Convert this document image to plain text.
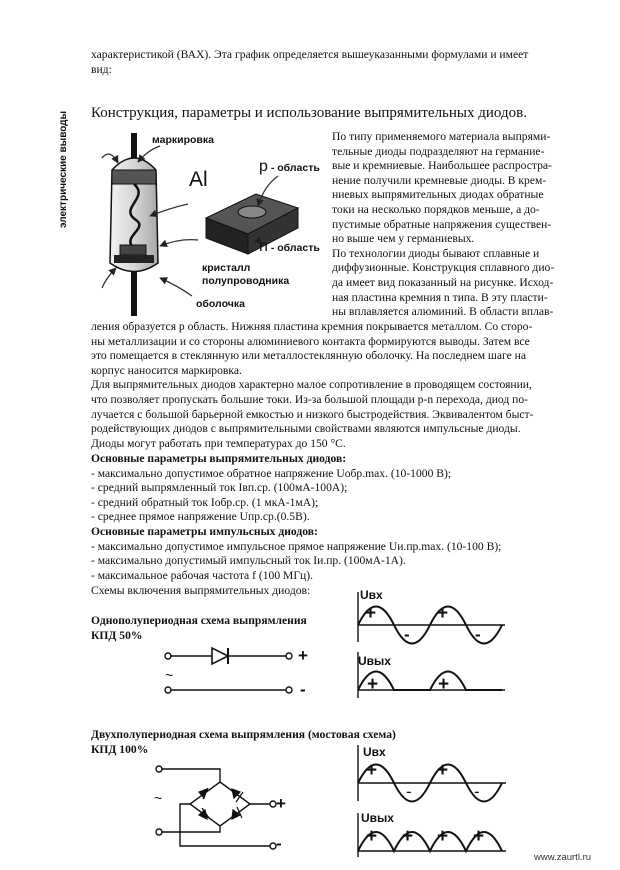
характеристикой (ВАХ). Эта график определяется вышеуказанными формулами и имеет
вид:
Конструкция, параметры и использование выпрямительных диодов.
маркировка
Al
электрические выводы
кристалл
полупроводника
оболочка
р - область
n - область
По типу применяемого материала выпрями-
тельные диоды подразделяют на германие-
вые и кремниевые. Наибольшее распростра-
нение получили кремневые диоды. В крем-
ниевых выпрямительных диодах обратные
токи на несколько порядков меньше, а до-
пустимые обратные напряжения существен-
но выше чем у германиевых.
По технологии диоды бывают сплавные и
диффузионные. Конструкция сплавного дио-
да имеет вид показанный на рисунке. Исход-
ная пластина кремния n типа. В эту пласти-
ны вплавляется алюминий. В области вплав-
ления образуется p область. Нижняя пластина кремния покрывается металлом. Со сторо-
ны металлизации и со стороны алюминиевого контакта формируются выводы. Затем все
это помещается в стеклянную или металлостеклянную оболочку. На последнем шаге на
корпус наносится маркировка.
Для выпрямительных диодов характерно малое сопротивление в проводящем состоянии,
что позволяет пропускать большие токи. Из-за большой площади p-n перехода, диод по-
лучается с большой барьерной емкостью и низкого быстродействия. Эквивалентом быст-
родействующих диодов с выпрямительными свойствами являются импульсные диоды.
Диоды могут работать при температурах до 150 °С.
Основные параметры выпрямительных диодов:
- максимально допустимое обратное напряжение Uобр.max. (10-1000 В);
- средний выпрямленный ток Iвп.ср. (100мА-100А);
- средний обратный ток Iобр.ср. (1 мкА-1мА);
- среднее прямое напряжение Uпр.ср.(0.5В).
Основные параметры импульсных диодов:
- максимально допустимое импульсное прямое напряжение Uи.пр.max. (10-100 В);
- максимально допустимый импульсный ток Iи.пр. (100мА-1А).
- максимальное рабочая частота f (100 МГц).
Схемы включения выпрямительных диодов:
Однополупериодная схема выпрямления
КПД 50%
~
+
-
Uвх
+	+
-	-
Uвых
+	+
Двухполупериодная схема выпрямления (мостовая схема)
КПД 100%
~	+
-
Uвх
+	+
-	-
Uвых
+ + + +
www.zaurtl.ru
